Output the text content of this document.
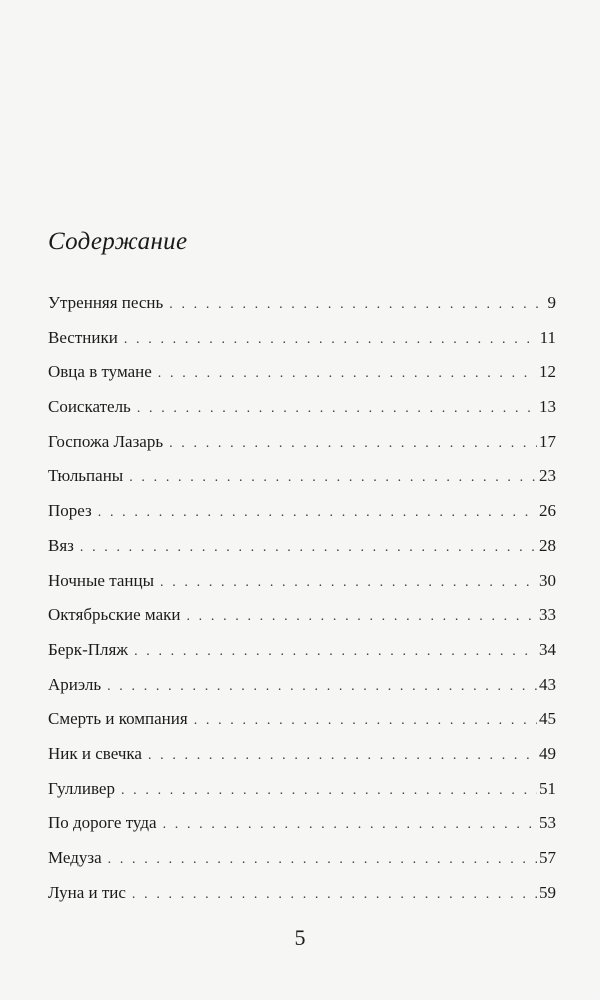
Содержание
Утренняя песнь . . .	9
Вестники . . .	11
Овца в тумане . . .	12
Соискатель . . .	13
Госпожа Лазарь . . .	17
Тюльпаны . . .	23
Порез . . .	26
Вяз . . .	28
Ночные танцы . . .	30
Октябрьские маки . . .	33
Берк-Пляж . . .	34
Ариэль . . .	43
Смерть и компания . . .	45
Ник и свечка . . .	49
Гулливер . . .	51
По дороге туда . . .	53
Медуза . . .	57
Луна и тис . . .	59
5
